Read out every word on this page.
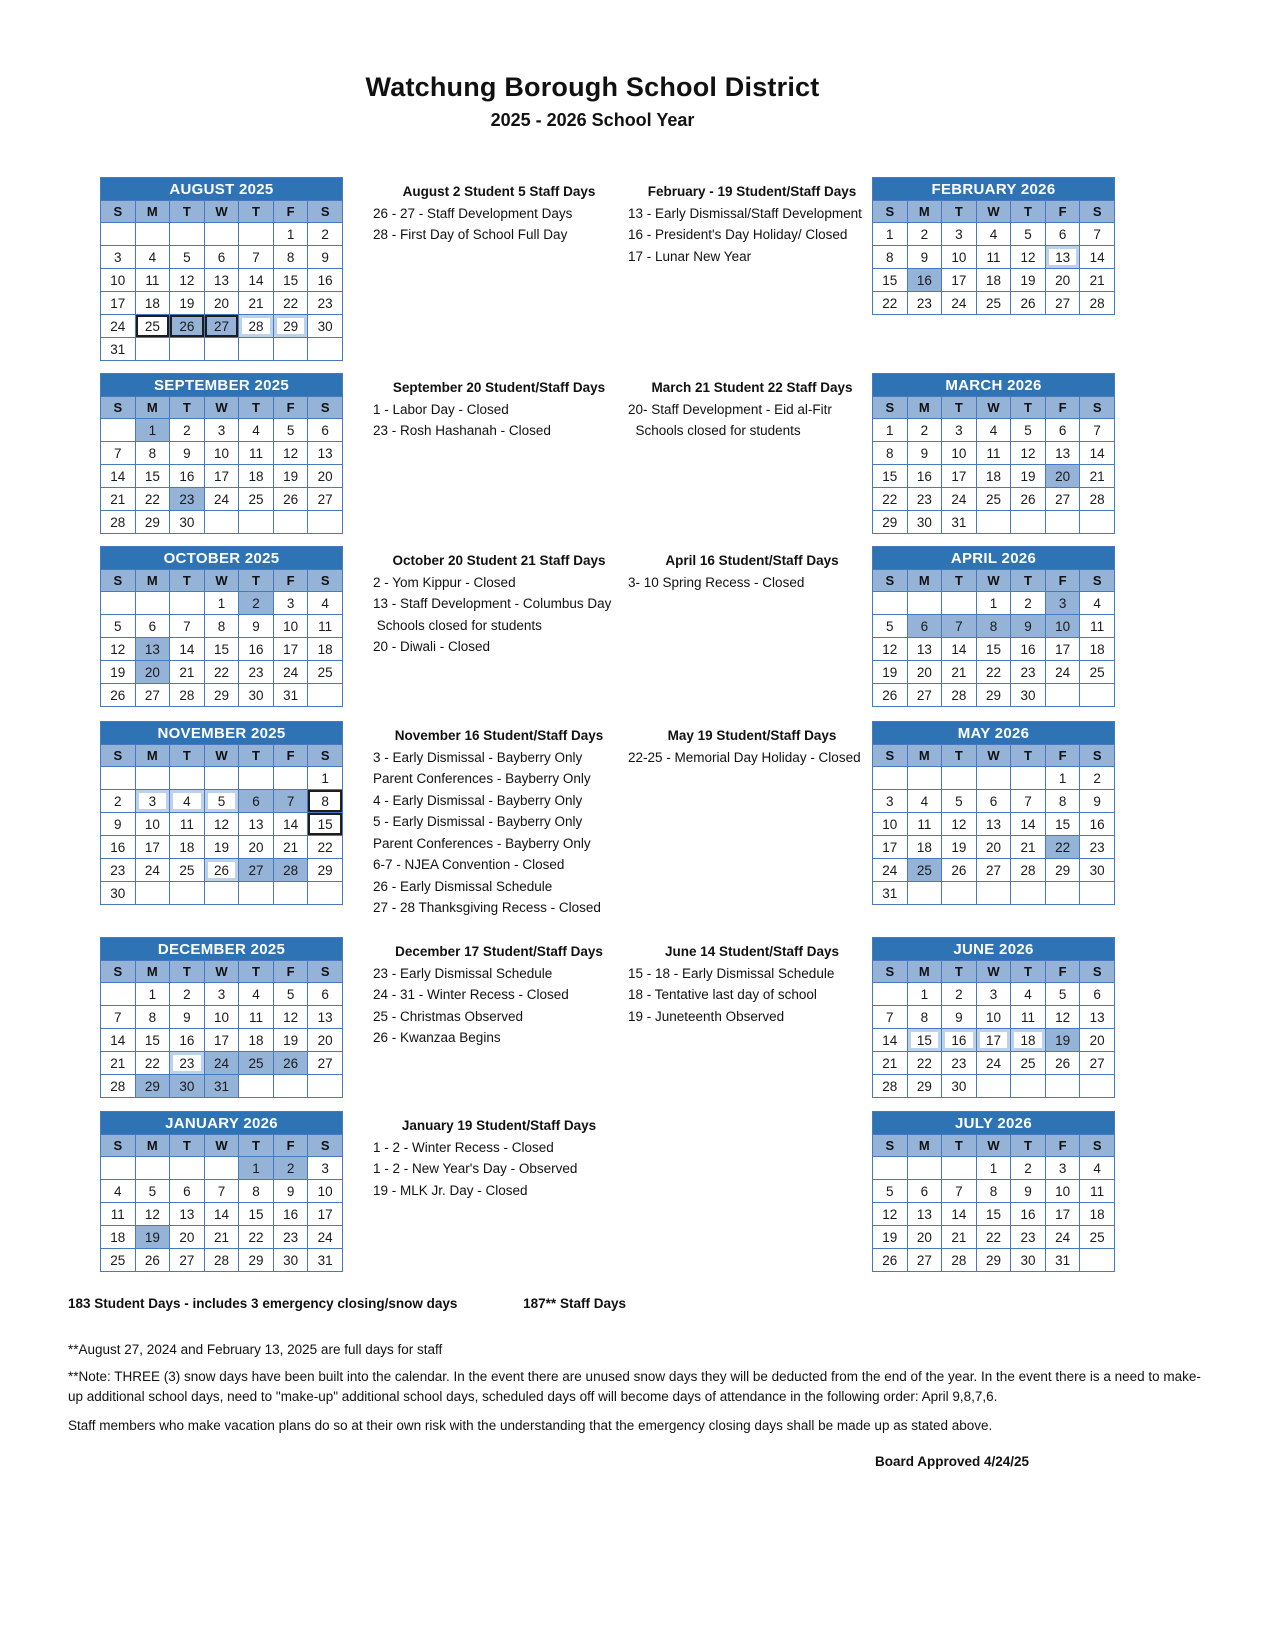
Watchung Borough School District
2025 - 2026 School Year
AUGUST 2025						
S	M	T	W	T	F	S
					1	2
3	4	5	6	7	8	9
10	11	12	13	14	15	16
17	18	19	20	21	22	23
24	25	26	27	28	29	30
31						
August 2 Student 5 Staff Days
26 - 27 - Staff Development Days
28 - First Day of School Full Day
February - 19 Student/Staff Days
13 - Early Dismissal/Staff Development
16 - President's Day Holiday/ Closed
17 - Lunar New Year
FEBRUARY 2026						
S	M	T	W	T	F	S
1	2	3	4	5	6	7
8	9	10	11	12	13	14
15	16	17	18	19	20	21
22	23	24	25	26	27	28
SEPTEMBER 2025						
S	M	T	W	T	F	S
	1	2	3	4	5	6
7	8	9	10	11	12	13
14	15	16	17	18	19	20
21	22	23	24	25	26	27
28	29	30				
September 20 Student/Staff Days
1 - Labor Day - Closed
23 - Rosh Hashanah - Closed
March 21 Student 22 Staff Days
20- Staff Development - Eid al-Fitr
Schools closed for students
MARCH 2026						
S	M	T	W	T	F	S
1	2	3	4	5	6	7
8	9	10	11	12	13	14
15	16	17	18	19	20	21
22	23	24	25	26	27	28
29	30	31				
OCTOBER 2025						
S	M	T	W	T	F	S
			1	2	3	4
5	6	7	8	9	10	11
12	13	14	15	16	17	18
19	20	21	22	23	24	25
26	27	28	29	30	31	
October 20 Student 21 Staff Days
2 - Yom Kippur - Closed
13 - Staff Development - Columbus Day
Schools closed for students
20 - Diwali - Closed
April 16 Student/Staff Days
3- 10 Spring Recess - Closed
APRIL 2026						
S	M	T	W	T	F	S
			1	2	3	4
5	6	7	8	9	10	11
12	13	14	15	16	17	18
19	20	21	22	23	24	25
26	27	28	29	30		
NOVEMBER 2025						
S	M	T	W	T	F	S
						1
2	3	4	5	6	7	8
9	10	11	12	13	14	15
16	17	18	19	20	21	22
23	24	25	26	27	28	29
30						
November 16 Student/Staff Days
3 - Early Dismissal - Bayberry Only
Parent Conferences - Bayberry Only
4 - Early Dismissal - Bayberry Only
5 - Early Dismissal - Bayberry Only
Parent Conferences - Bayberry Only
6-7 - NJEA Convention - Closed
26 - Early Dismissal Schedule
27 - 28 Thanksgiving Recess - Closed
May 19 Student/Staff Days
22-25 - Memorial Day Holiday - Closed
MAY 2026						
S	M	T	W	T	F	S
					1	2
3	4	5	6	7	8	9
10	11	12	13	14	15	16
17	18	19	20	21	22	23
24	25	26	27	28	29	30
31						
DECEMBER 2025						
S	M	T	W	T	F	S
	1	2	3	4	5	6
7	8	9	10	11	12	13
14	15	16	17	18	19	20
21	22	23	24	25	26	27
28	29	30	31			
December 17 Student/Staff Days
23 - Early Dismissal Schedule
24 - 31 - Winter Recess - Closed
25 - Christmas Observed
26 - Kwanzaa Begins
June 14 Student/Staff Days
15 - 18 - Early Dismissal Schedule
18 - Tentative last day of school
19 - Juneteenth Observed
JUNE 2026						
S	M	T	W	T	F	S
	1	2	3	4	5	6
7	8	9	10	11	12	13
14	15	16	17	18	19	20
21	22	23	24	25	26	27
28	29	30				
JANUARY 2026						
S	M	T	W	T	F	S
				1	2	3
4	5	6	7	8	9	10
11	12	13	14	15	16	17
18	19	20	21	22	23	24
25	26	27	28	29	30	31
January 19 Student/Staff Days
1 - 2 - Winter Recess - Closed
1 - 2 - New Year's Day - Observed
19 - MLK Jr. Day - Closed
JULY 2026						
S	M	T	W	T	F	S
			1	2	3	4
5	6	7	8	9	10	11
12	13	14	15	16	17	18
19	20	21	22	23	24	25
26	27	28	29	30	31	
183 Student Days - includes 3 emergency closing/snow days	187** Staff Days
**August 27, 2024 and February 13, 2025 are full days for staff
**Note: THREE (3) snow days have been built into the calendar. In the event there are unused snow days they will be deducted from the end of the year. In the event there is a need to make-up additional school days, need to "make-up" additional school days, scheduled days off will become days of attendance in the following order: April 9,8,7,6.
Staff members who make vacation plans do so at their own risk with the understanding that the emergency closing days shall be made up as stated above.
Board Approved 4/24/25
